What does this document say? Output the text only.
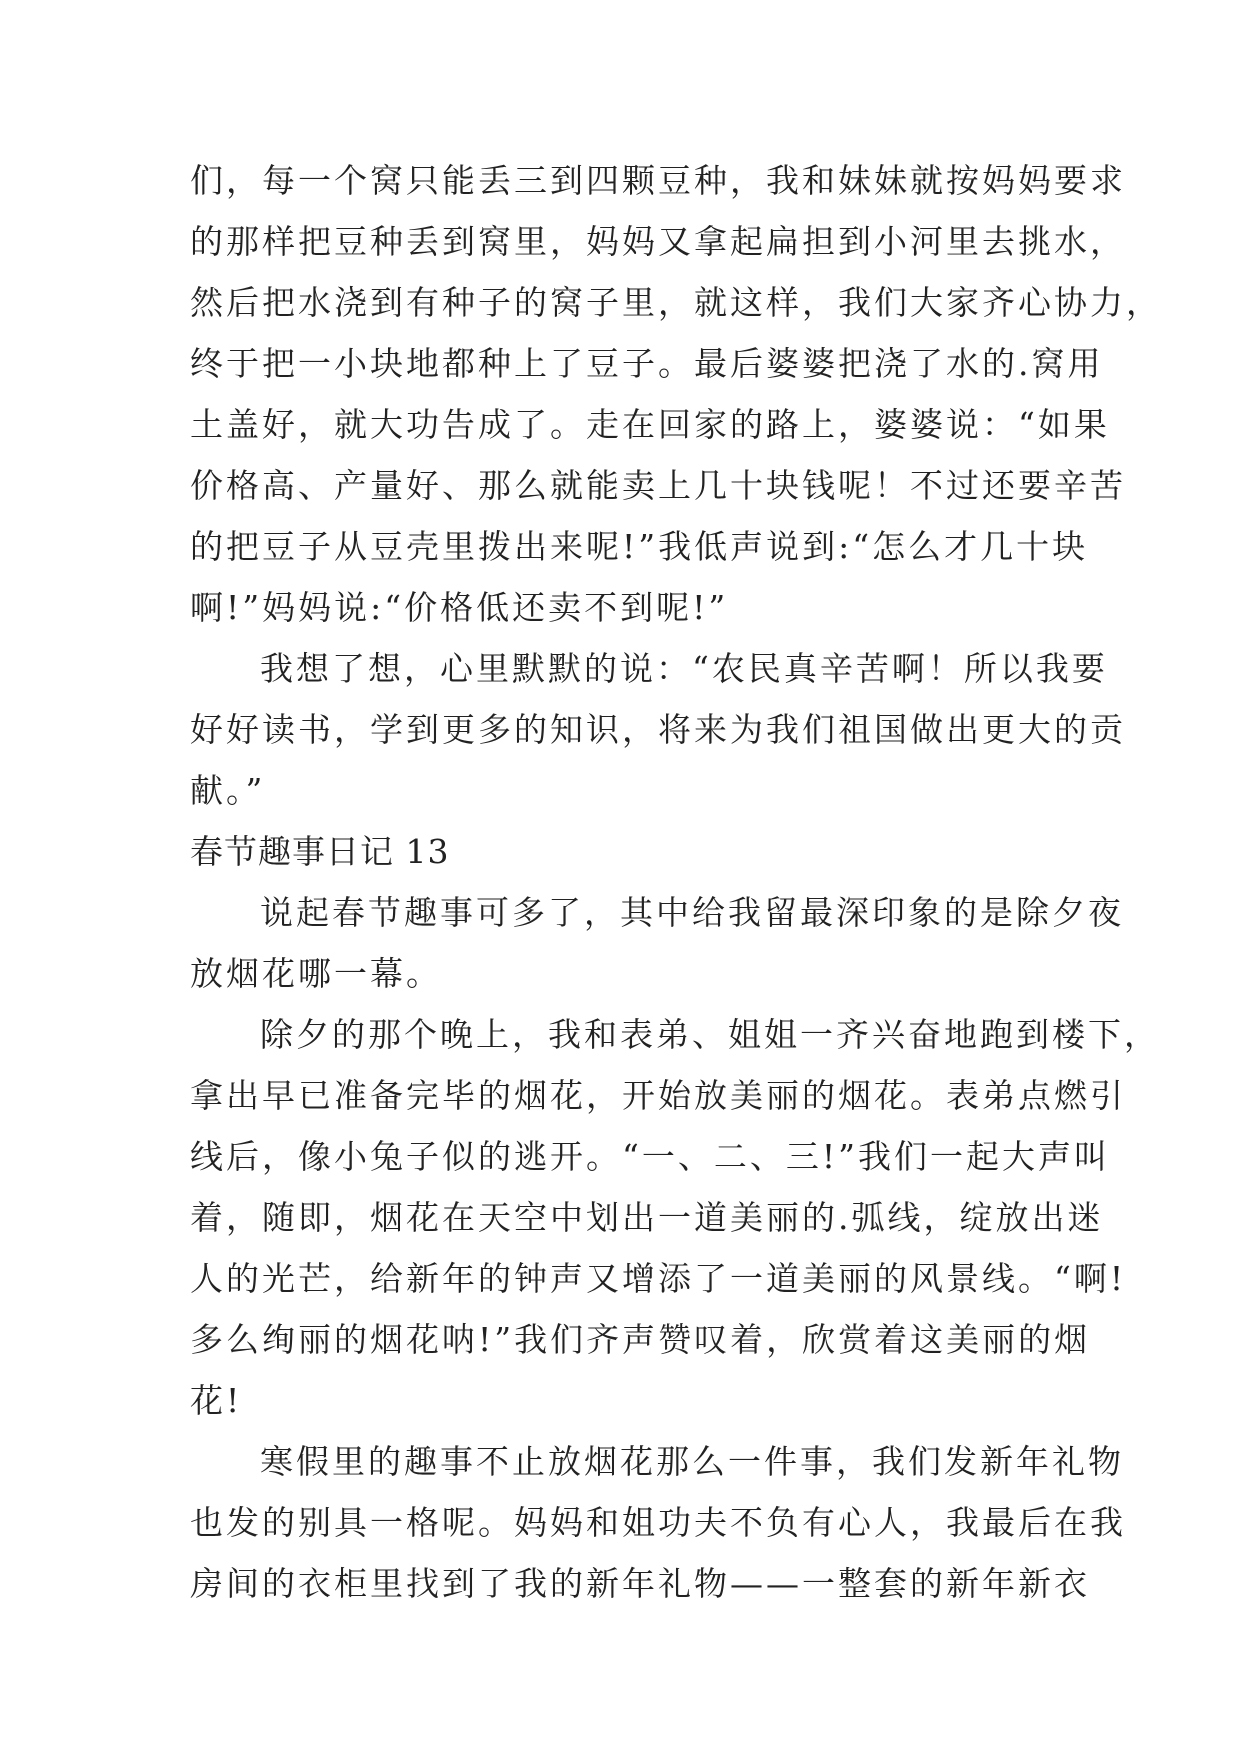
们，每一个窝只能丢三到四颗豆种，我和妹妹就按妈妈要求
的那样把豆种丢到窝里，妈妈又拿起扁担到小河里去挑水，
然后把水浇到有种子的窝子里，就这样，我们大家齐心协力，
终于把一小块地都种上了豆子。最后婆婆把浇了水的.窝用
土盖好，就大功告成了。走在回家的路上，婆婆说：“如果
价格高、产量好、那么就能卖上几十块钱呢！不过还要辛苦
的把豆子从豆壳里拨出来呢!”我低声说到:“怎么才几十块
啊!”妈妈说:“价格低还卖不到呢!”
我想了想，心里默默的说：“农民真辛苦啊！所以我要
好好读书，学到更多的知识，将来为我们祖国做出更大的贡
献。”
春节趣事日记 13
说起春节趣事可多了，其中给我留最深印象的是除夕夜
放烟花哪一幕。
除夕的那个晚上，我和表弟、姐姐一齐兴奋地跑到楼下，
拿出早已准备完毕的烟花，开始放美丽的烟花。表弟点燃引
线后，像小兔子似的逃开。“一、二、三!”我们一起大声叫
着，随即，烟花在天空中划出一道美丽的.弧线，绽放出迷
人的光芒，给新年的钟声又增添了一道美丽的风景线。“啊!
多么绚丽的烟花呐!”我们齐声赞叹着，欣赏着这美丽的烟
花!
寒假里的趣事不止放烟花那么一件事，我们发新年礼物
也发的别具一格呢。妈妈和姐功夫不负有心人，我最后在我
房间的衣柜里找到了我的新年礼物——一整套的新年新衣
